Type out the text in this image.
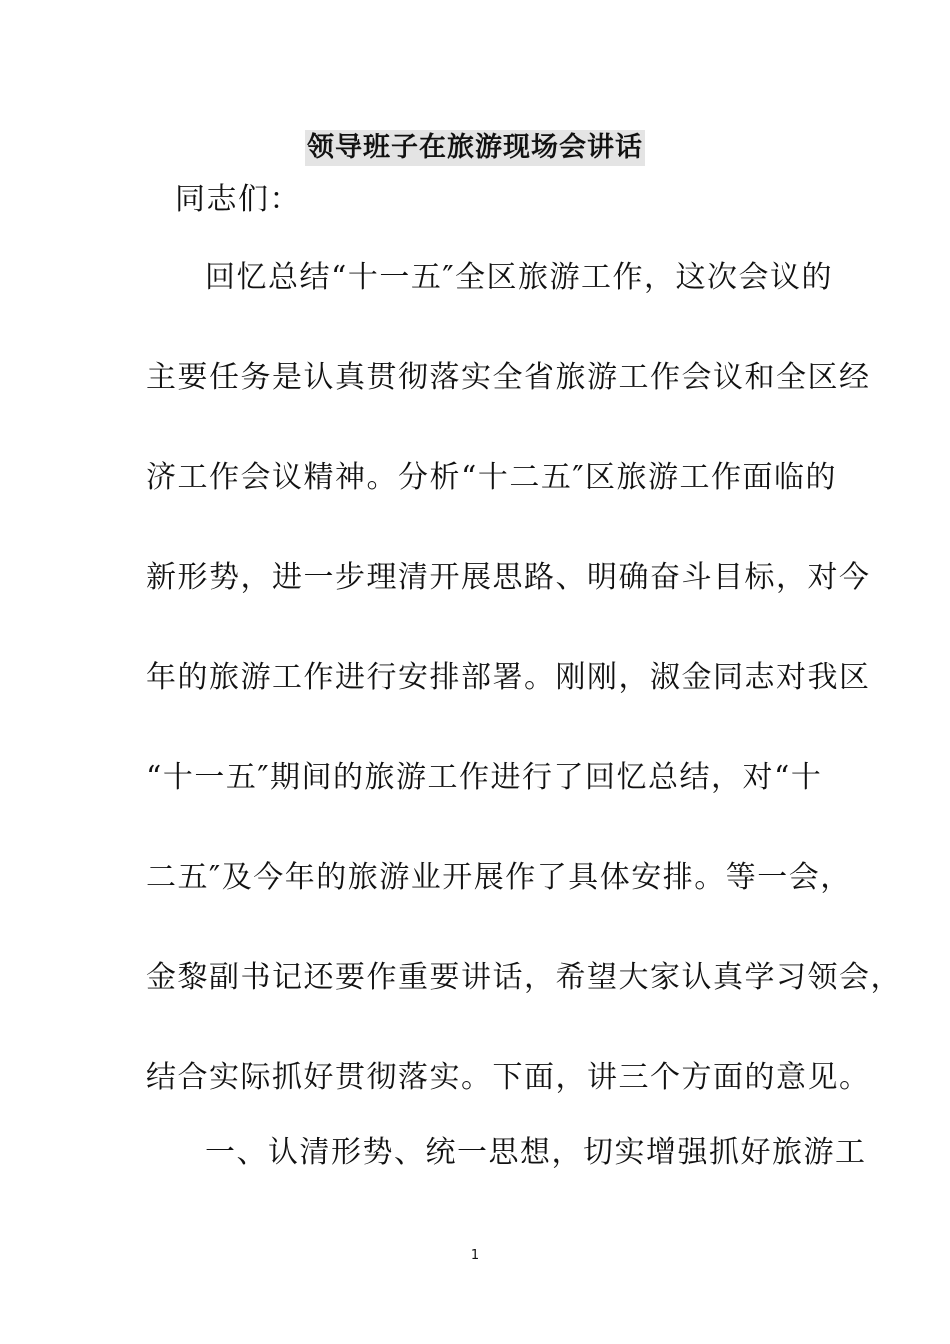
领导班子在旅游现场会讲话
同志们：
回忆总结“十一五″全区旅游工作，这次会议的
主要任务是认真贯彻落实全省旅游工作会议和全区经
济工作会议精神。分析“十二五″区旅游工作面临的
新形势，进一步理清开展思路、明确奋斗目标，对今
年的旅游工作进行安排部署。刚刚，淑金同志对我区
“十一五″期间的旅游工作进行了回忆总结，对“十
二五″及今年的旅游业开展作了具体安排。等一会，
金黎副书记还要作重要讲话，希望大家认真学习领会，
结合实际抓好贯彻落实。下面，讲三个方面的意见。
一、认清形势、统一思想，切实增强抓好旅游工
1
